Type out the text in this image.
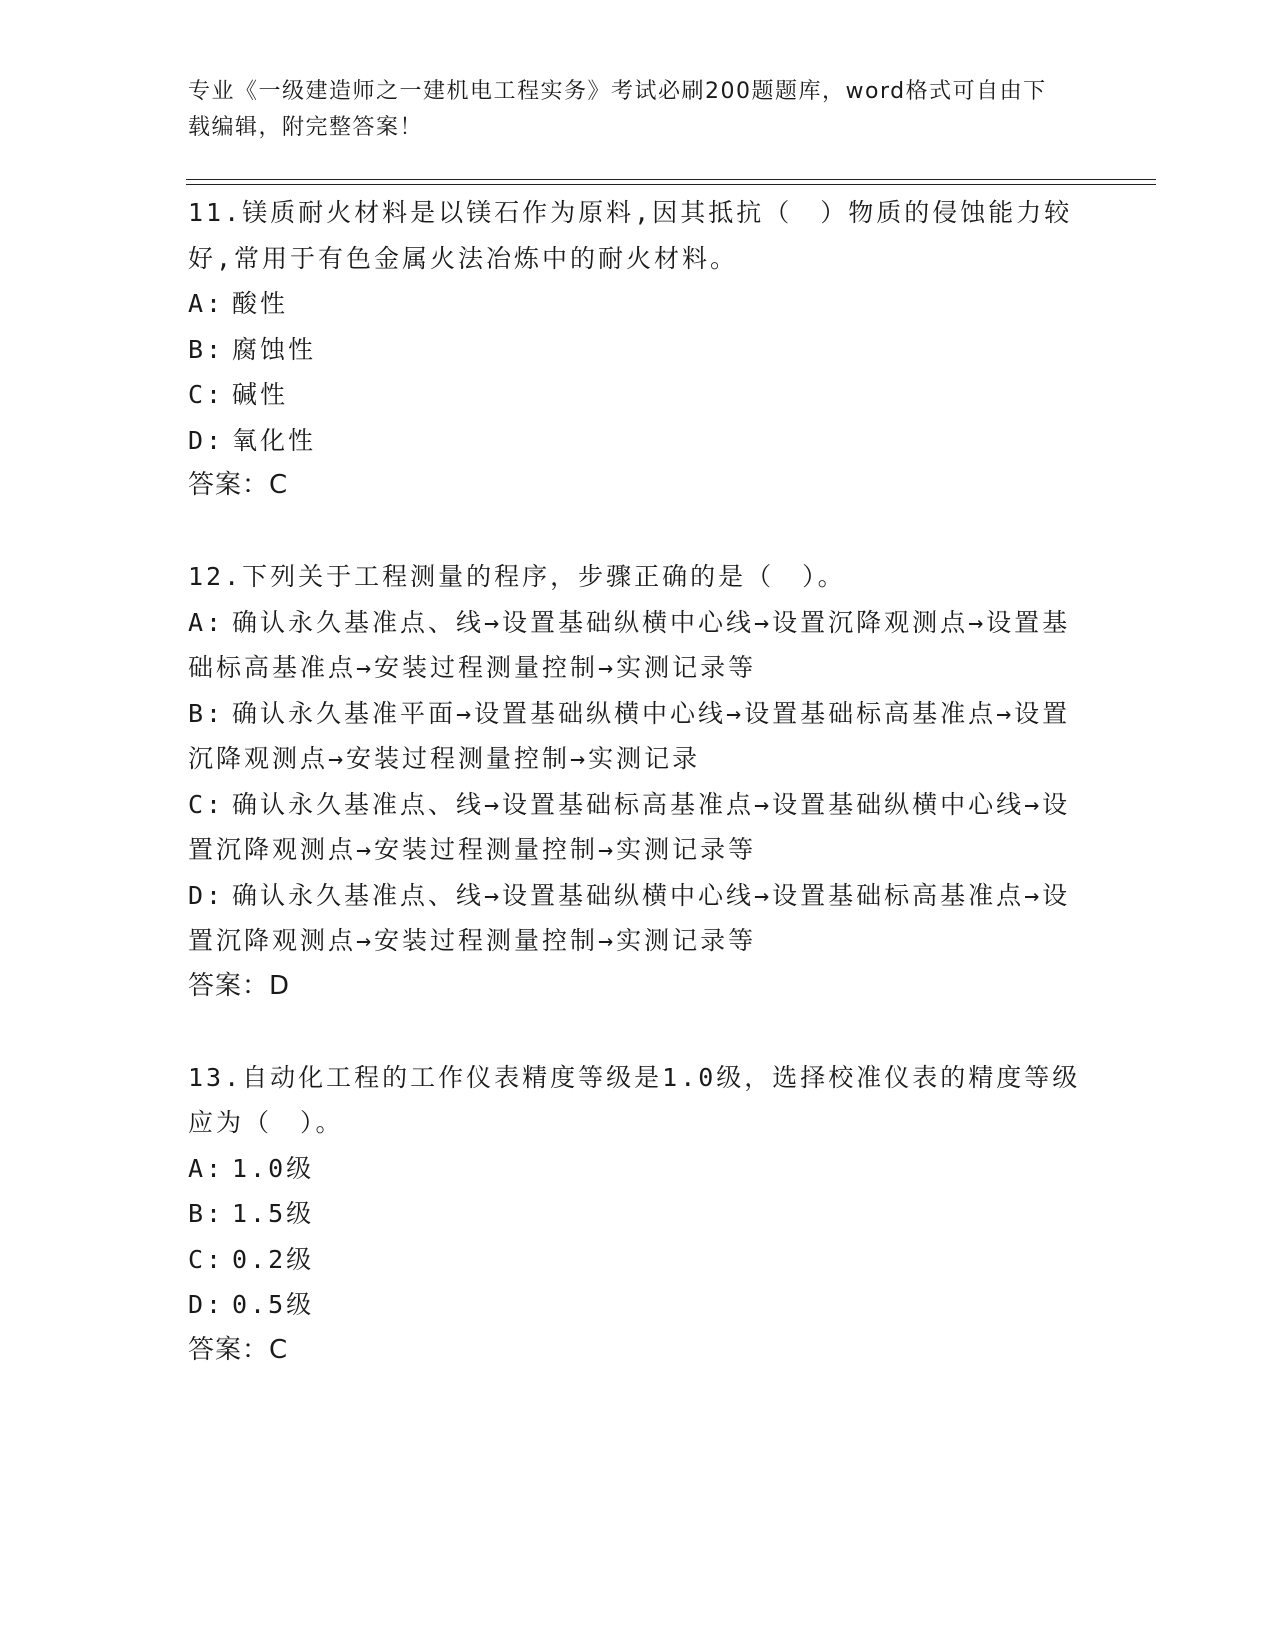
专业《一级建造师之一建机电工程实务》考试必刷200题题库，word格式可自由下载编辑，附完整答案！
11.镁质耐火材料是以镁石作为原料,因其抵抗（　）物质的侵蚀能力较好,常用于有色金属火法冶炼中的耐火材料。
A: 酸性
B: 腐蚀性
C: 碱性
D: 氧化性
答案：C
12.下列关于工程测量的程序，步骤正确的是（　）。
A: 确认永久基准点、线→设置基础纵横中心线→设置沉降观测点→设置基础标高基准点→安装过程测量控制→实测记录等
B: 确认永久基准平面→设置基础纵横中心线→设置基础标高基准点→设置沉降观测点→安装过程测量控制→实测记录
C: 确认永久基准点、线→设置基础标高基准点→设置基础纵横中心线→设置沉降观测点→安装过程测量控制→实测记录等
D: 确认永久基准点、线→设置基础纵横中心线→设置基础标高基准点→设置沉降观测点→安装过程测量控制→实测记录等
答案：D
13.自动化工程的工作仪表精度等级是1.0级，选择校准仪表的精度等级应为（　）。
A: 1.0级
B: 1.5级
C: 0.2级
D: 0.5级
答案：C
